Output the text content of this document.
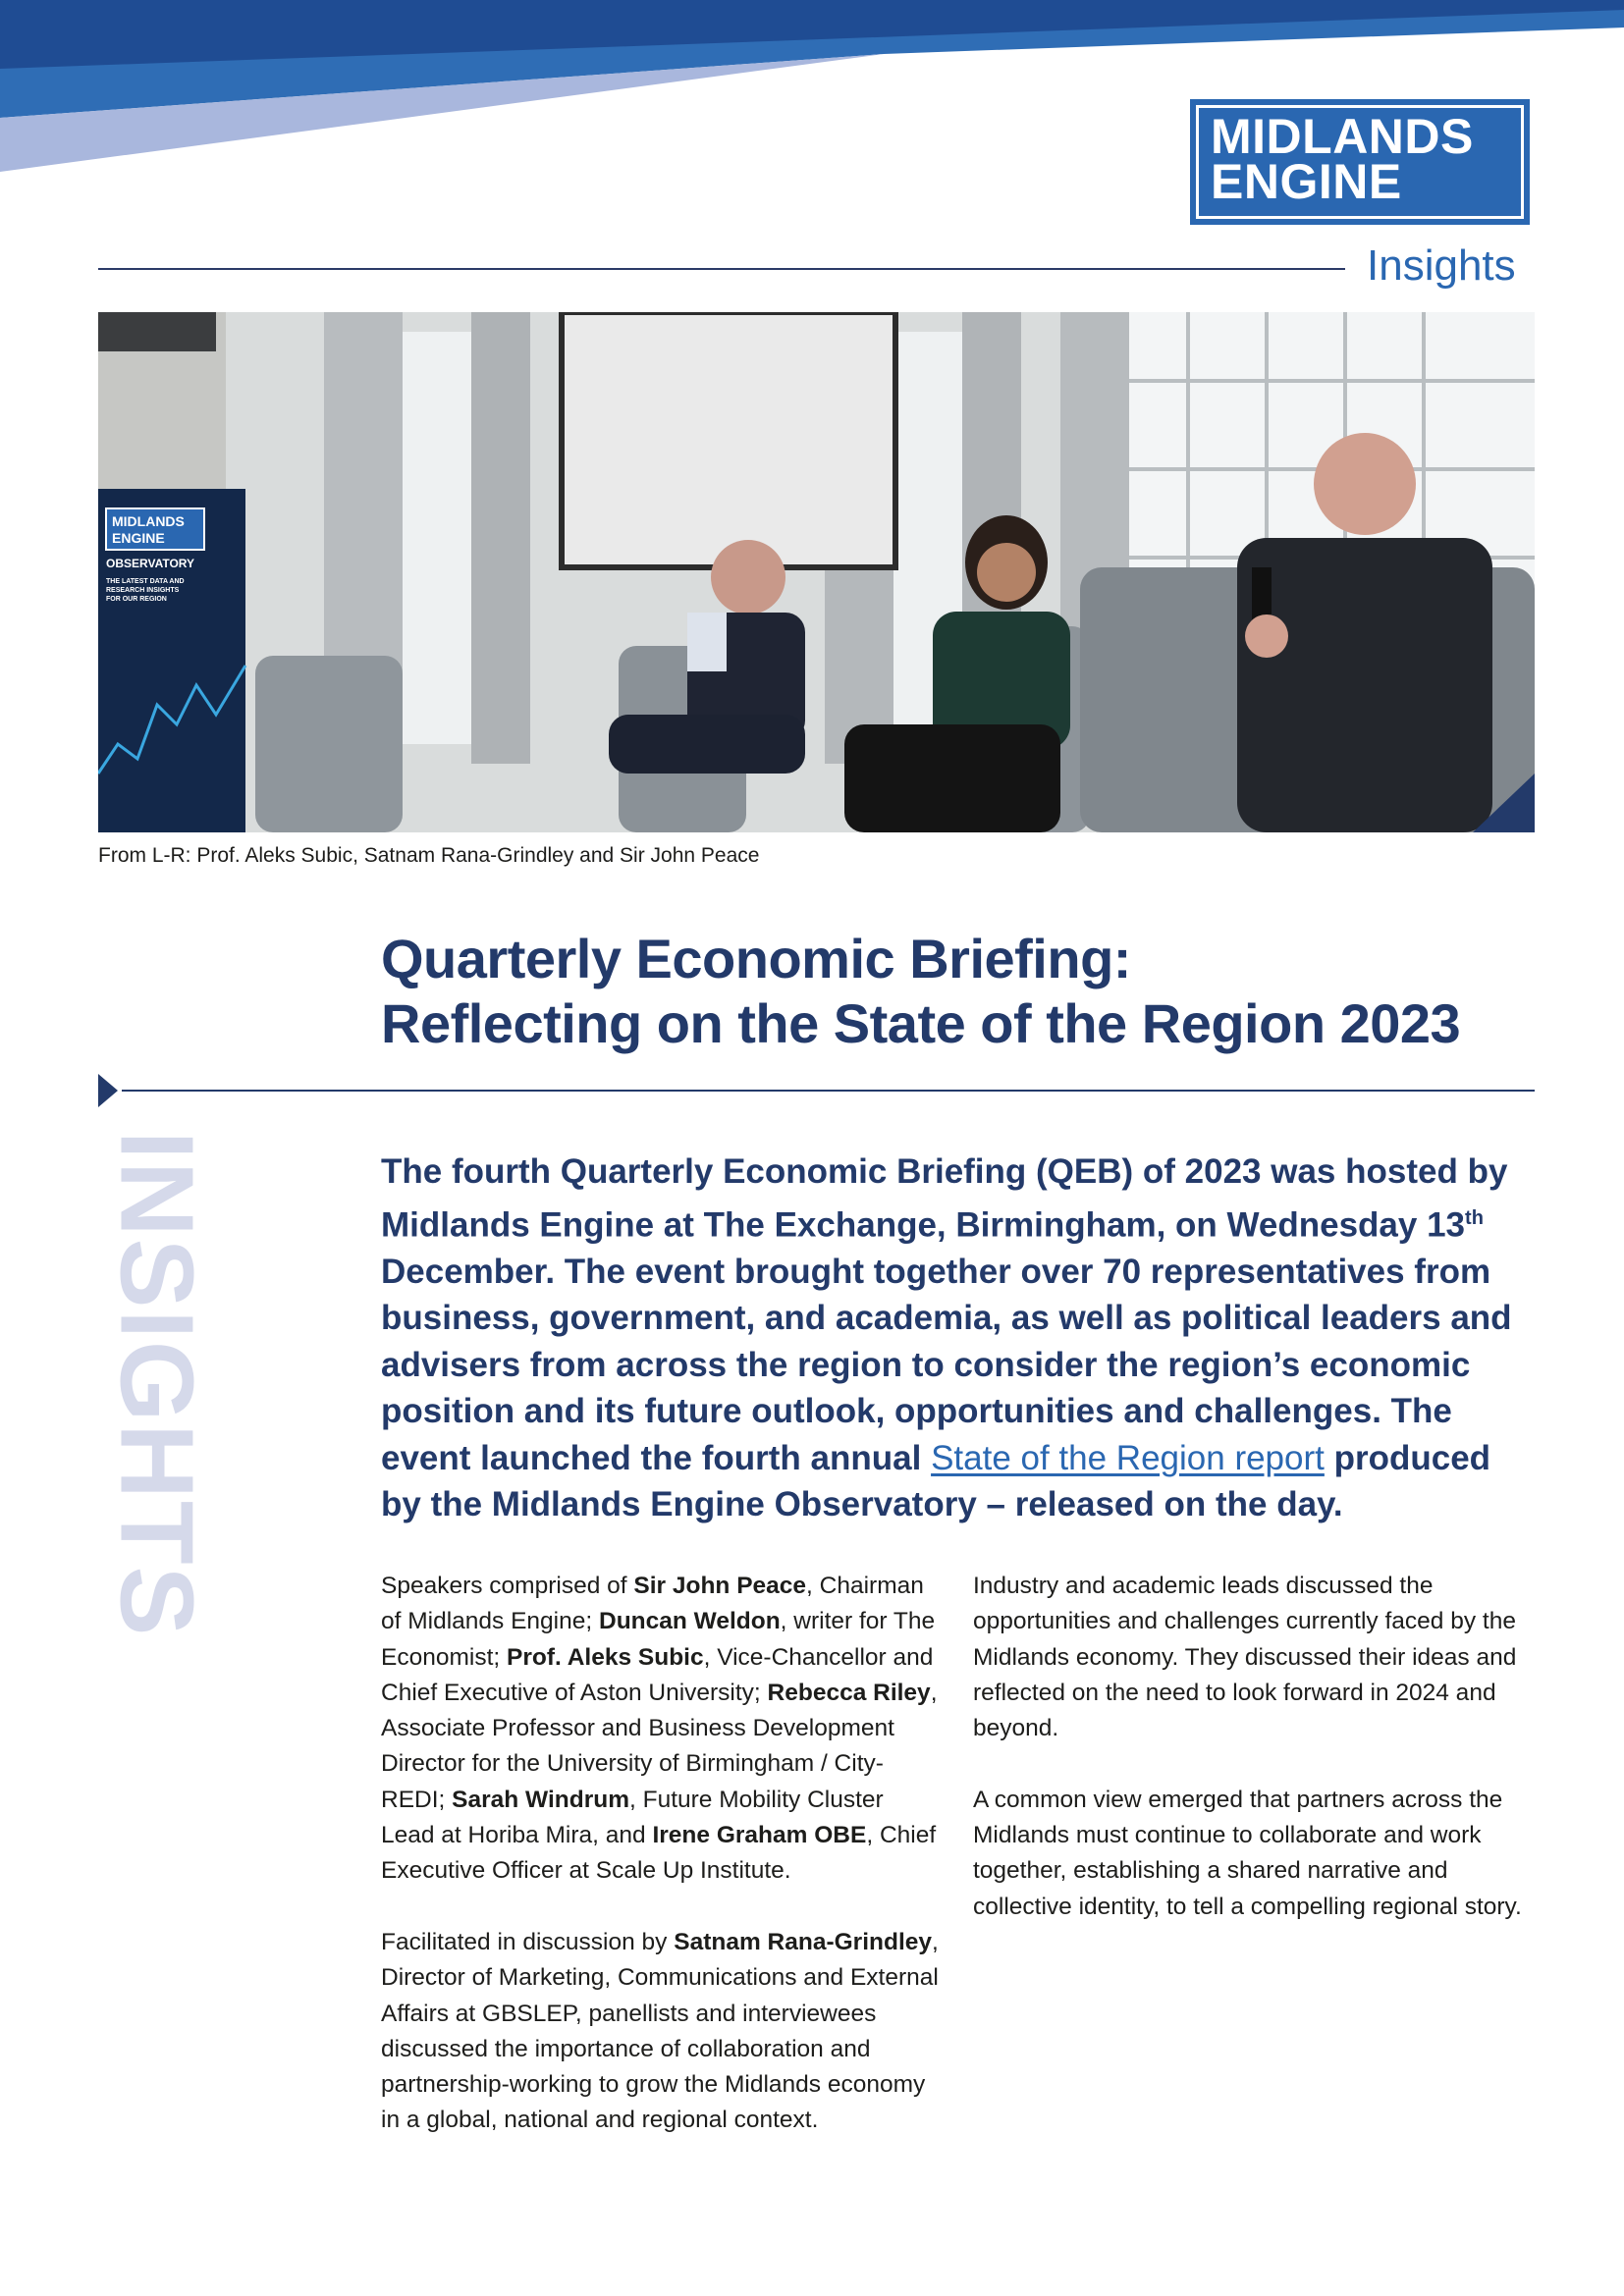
MIDLANDS
ENGINE
Insights
MIDLANDS
ENGINE
OBSERVATORY
THE LATEST DATA AND
RESEARCH INSIGHTS
FOR OUR REGION
From L-R: Prof. Aleks Subic, Satnam Rana-Grindley and Sir John Peace
Quarterly Economic Briefing:
Reflecting on the State of the Region 2023
INSIGHTS	The fourth Quarterly Economic Briefing (QEB) of 2023 was hosted by Midlands Engine at The Exchange, Birmingham, on Wednesday 13th December. The event brought together over 70 representatives from business, government, and academia, as well as political leaders and advisers from across the region to consider the region’s economic position and its future outlook, opportunities and challenges. The event launched the fourth annual State of the Region report produced by the Midlands Engine Observatory – released on the day.

Speakers comprised of Sir John Peace, Chairman of Midlands Engine; Duncan Weldon, writer for The Economist; Prof. Aleks Subic, Vice-Chancellor and Chief Executive of Aston University; Rebecca Riley, Associate Professor and Business Development Director for the University of Birmingham / City-REDI; Sarah Windrum, Future Mobility Cluster Lead at Horiba Mira, and Irene Graham OBE, Chief Executive Officer at Scale Up Institute.

Facilitated in discussion by Satnam Rana-Grindley, Director of Marketing, Communications and External Affairs at GBSLEP, panellists and interviewees discussed the importance of collaboration and partnership-working to grow the Midlands economy in a global, national and regional context.

Industry and academic leads discussed the opportunities and challenges currently faced by the Midlands economy. They discussed their ideas and reflected on the need to look forward in 2024 and beyond.

A common view emerged that partners across the Midlands must continue to collaborate and work together, establishing a shared narrative and collective identity, to tell a compelling regional story.
